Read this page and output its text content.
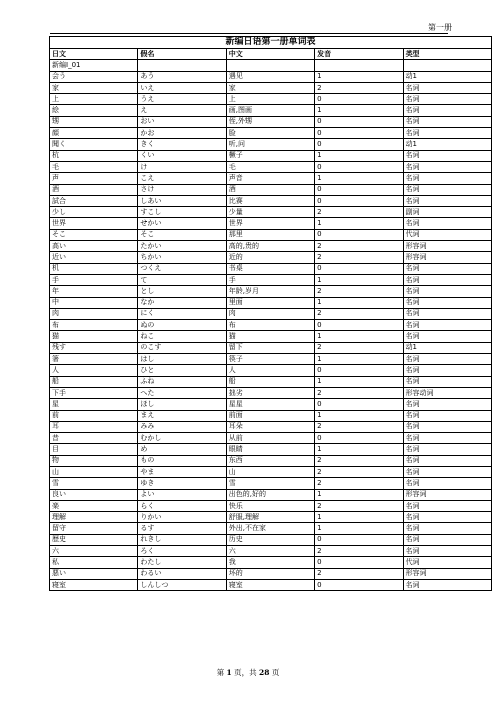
第一册
新编日语第一册单词表				
日文	假名	中文	发音	类型
新编Ⅰ_01				
会う	あう	遇见	1	动1
家	いえ	家	2	名词
上	うえ	上	0	名词
絵	え	画,图画	1	名词
甥	おい	侄,外甥	0	名词
顔	かお	脸	0	名词
聞く	きく	听,问	0	动1
杭	くい	橛子	1	名词
毛	け	毛	0	名词
声	こえ	声音	1	名词
酒	さけ	酒	0	名词
試合	しあい	比赛	0	名词
少し	すこし	少量	2	副词
世界	せかい	世界	1	名词
そこ	そこ	那里	0	代词
高い	たかい	高的,贵的	2	形容词
近い	ちかい	近的	2	形容词
机	つくえ	书桌	0	名词
手	て	手	1	名词
年	とし	年龄,岁月	2	名词
中	なか	里面	1	名词
肉	にく	肉	2	名词
布	ぬの	布	0	名词
猫	ねこ	猫	1	名词
残す	のこす	留下	2	动1
箸	はし	筷子	1	名词
人	ひと	人	0	名词
船	ふね	船	1	名词
下手	へた	拙劣	2	形容动词
星	ほし	星星	0	名词
前	まえ	前面	1	名词
耳	みみ	耳朵	2	名词
昔	むかし	从前	0	名词
目	め	眼睛	1	名词
物	もの	东西	2	名词
山	やま	山	2	名词
雪	ゆき	雪	2	名词
良い	よい	出色的,好的	1	形容词
楽	らく	快乐	2	名词
理解	りかい	舒服,理解	1	名词
留守	るす	外出,不在家	1	名词
歴史	れきし	历史	0	名词
六	ろく	六	2	名词
私	わたし	我	0	代词
悪い	わるい	坏的	2	形容词
寝室	しんしつ	寝室	0	名词
第 1 页，共 28 页
